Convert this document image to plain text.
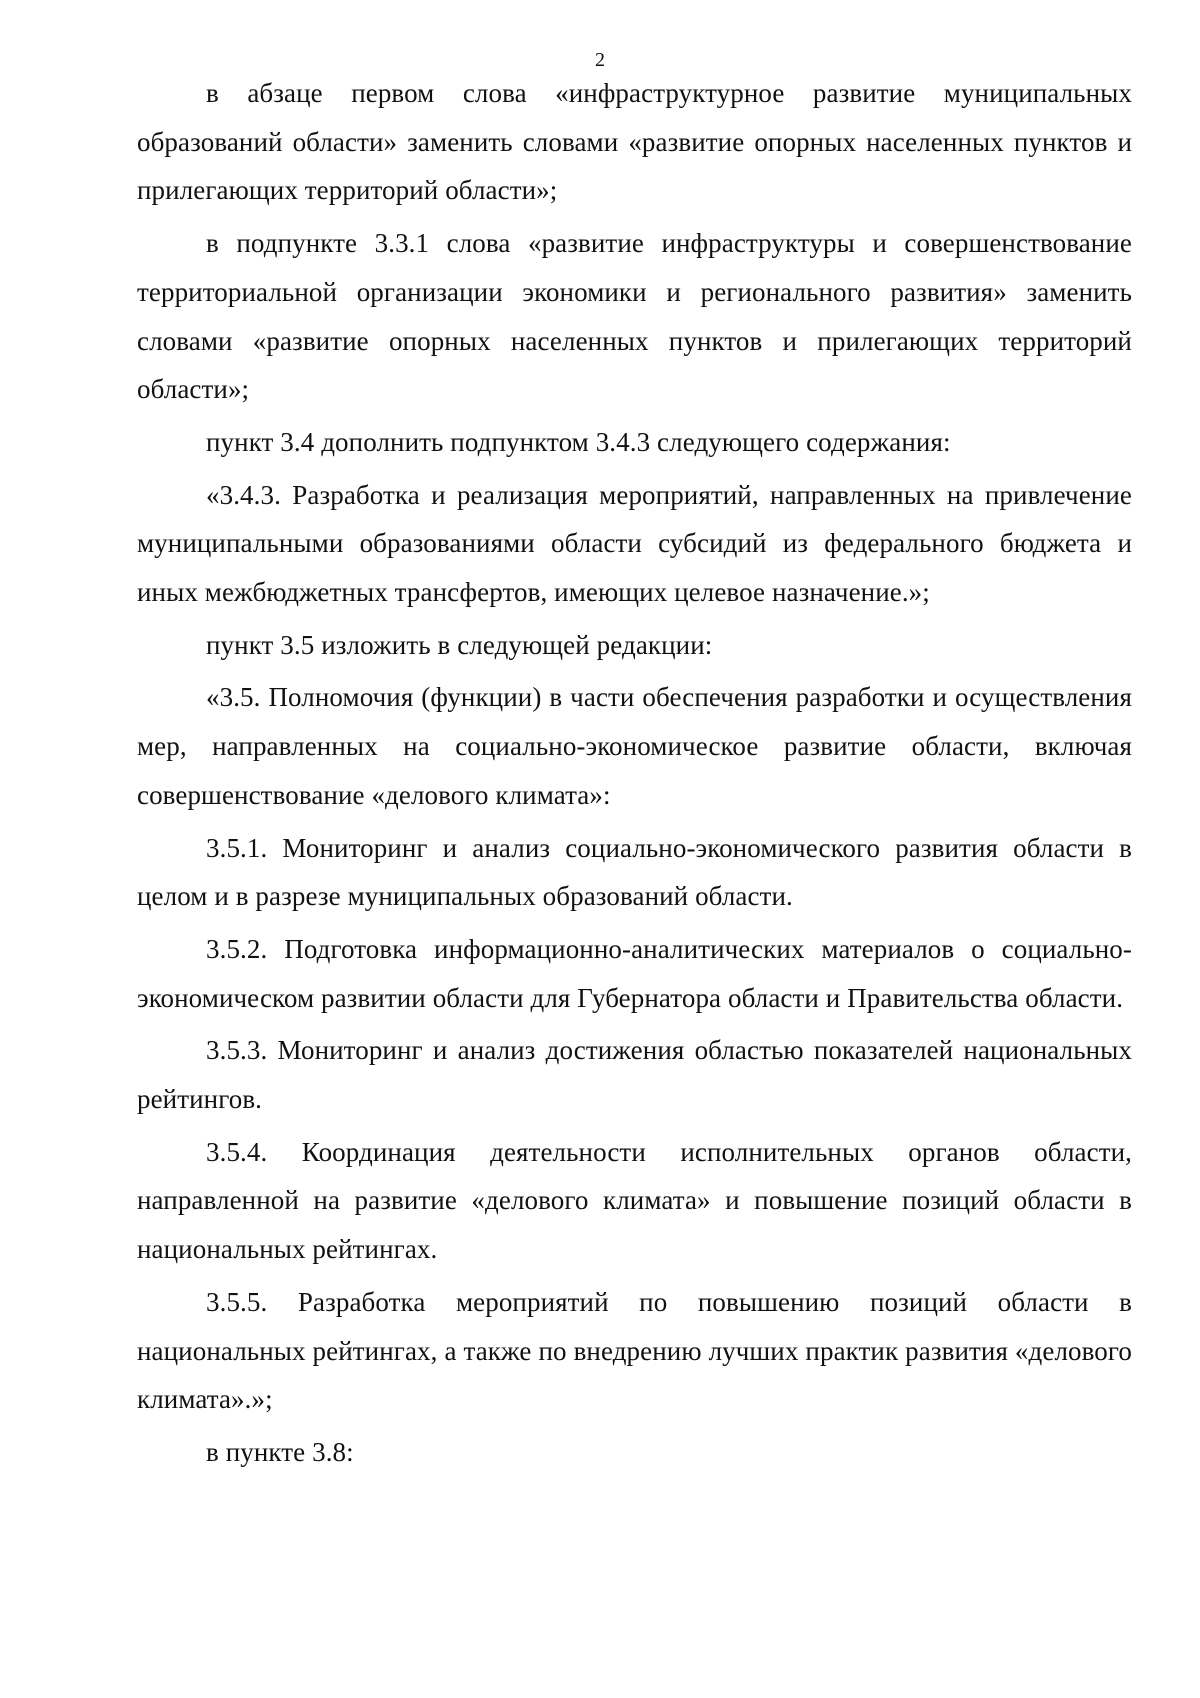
2

в абзаце первом слова «инфраструктурное развитие муниципальных образований области» заменить словами «развитие опорных населенных пунктов и прилегающих территорий области»;

в подпункте 3.3.1 слова «развитие инфраструктуры и совершенствование территориальной организации экономики и регионального развития» заменить словами «развитие опорных населенных пунктов и прилегающих территорий области»;

пункт 3.4 дополнить подпунктом 3.4.3 следующего содержания:

«3.4.3. Разработка и реализация мероприятий, направленных на привлечение муниципальными образованиями области субсидий из федерального бюджета и иных межбюджетных трансфертов, имеющих целевое назначение.»;

пункт 3.5 изложить в следующей редакции:

«3.5. Полномочия (функции) в части обеспечения разработки и осуществления мер, направленных на социально-экономическое развитие области, включая совершенствование «делового климата»:

3.5.1. Мониторинг и анализ социально-экономического развития области в целом и в разрезе муниципальных образований области.

3.5.2. Подготовка информационно-аналитических материалов о социально-экономическом развитии области для Губернатора области и Правительства области.

3.5.3. Мониторинг и анализ достижения областью показателей национальных рейтингов.

3.5.4. Координация деятельности исполнительных органов области, направленной на развитие «делового климата» и повышение позиций области в национальных рейтингах.

3.5.5. Разработка мероприятий по повышению позиций области в национальных рейтингах, а также по внедрению лучших практик развития «делового климата».»;

в пункте 3.8:
